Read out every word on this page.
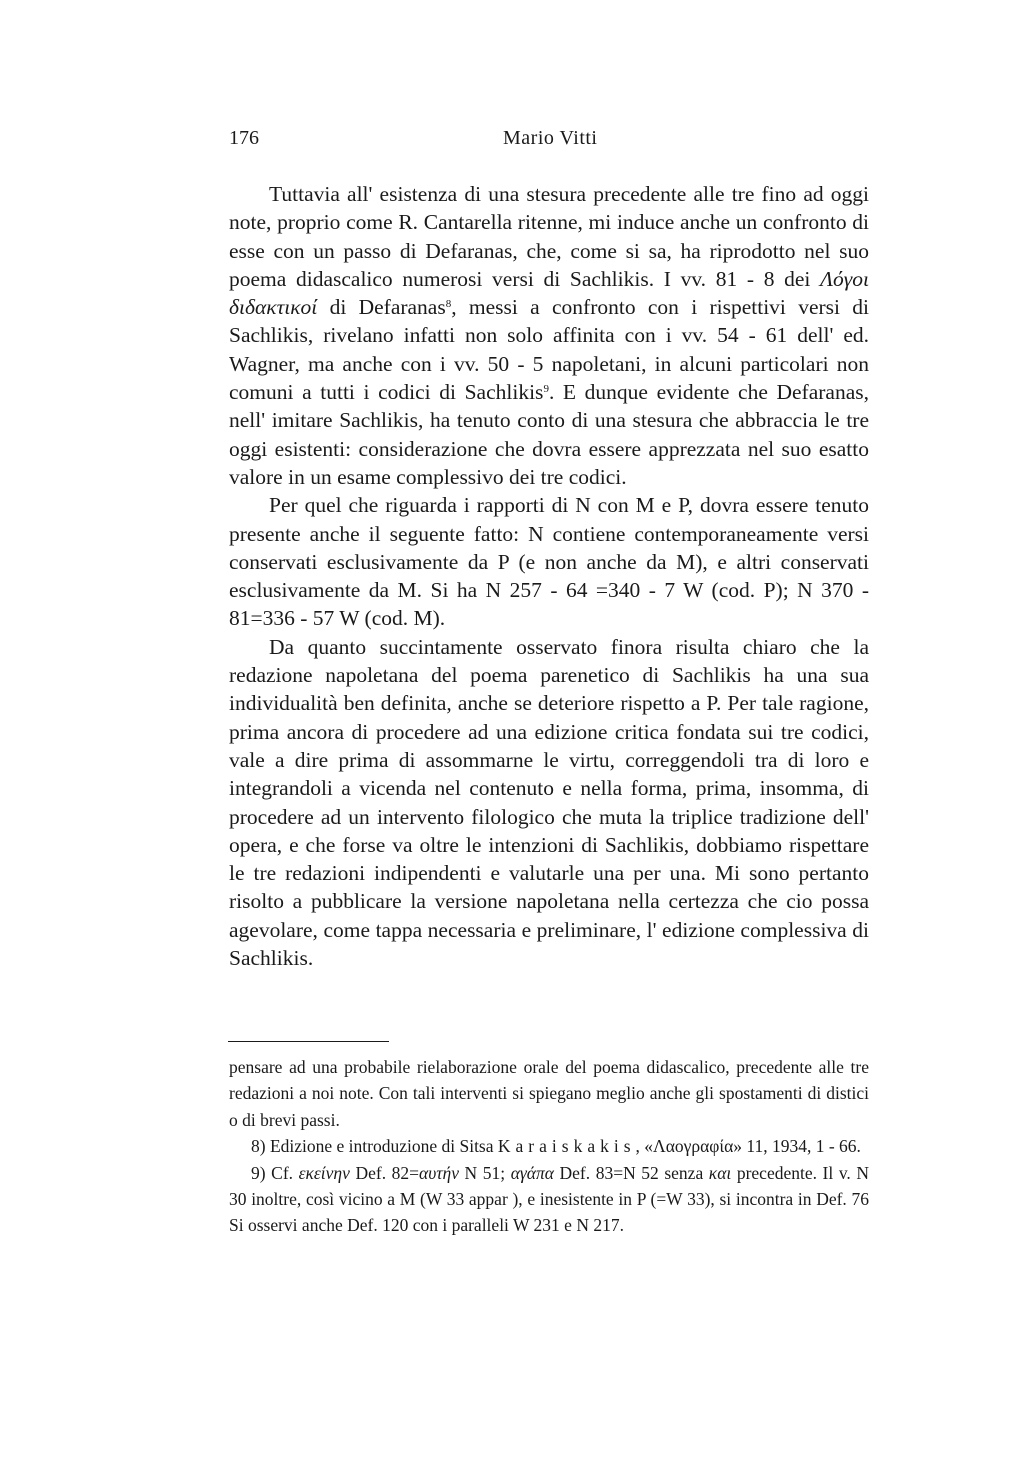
176	Mario Vitti

Tuttavia all' esistenza di una stesura precedente alle tre fino ad oggi note, proprio come R. Cantarella ritenne, mi induce anche un confronto di esse con un passo di Defaranas, che, come si sa, ha riprodotto nel suo poema didascalico numerosi versi di Sachlikis. I vv. 81 - 8 dei Λόγοι διδακτικοί di Defaranas$^8$, messi a confronto con i rispettivi versi di Sachlikis, rivelano infatti non solo affinita con i vv. 54 - 61 dell' ed. Wagner, ma anche con i vv. 50 - 5 napoletani, in alcuni particolari non comuni a tutti i codici di Sachlikis$^9$. E dunque evidente che Defaranas, nell' imitare Sachlikis, ha tenuto conto di una stesura che abbraccia le tre oggi esistenti: considerazione che dovra essere apprezzata nel suo esatto valore in un esame complessivo dei tre codici.

Per quel che riguarda i rapporti di N con M e P, dovra essere tenuto presente anche il seguente fatto: N contiene contemporaneamente versi conservati esclusivamente da P (e non anche da M), e altri conservati esclusivamente da M. Si ha N 257 - 64 =340 - 7 W (cod. P); N 370 - 81=336 - 57 W (cod. M).

Da quanto succintamente osservato finora risulta chiaro che la redazione napoletana del poema parenetico di Sachlikis ha una sua individualità ben definita, anche se deteriore rispetto a P. Per tale ragione, prima ancora di procedere ad una edizione critica fondata sui tre codici, vale a dire prima di assommarne le virtu, correggendoli tra di loro e integrandoli a vicenda nel contenuto e nella forma, prima, insomma, di procedere ad un intervento filologico che muta la triplice tradizione dell' opera, e che forse va oltre le intenzioni di Sachlikis, dobbiamo rispettare le tre redazioni indipendenti e valutarle una per una. Mi sono pertanto risolto a pubblicare la versione napoletana nella certezza che cio possa agevolare, come tappa necessaria e preliminare, l' edizione complessiva di Sachlikis.

pensare ad una probabile rielaborazione orale del poema didascalico, precedente alle tre redazioni a noi note. Con tali interventi si spiegano meglio anche gli spostamenti di distici o di brevi passi.

8) Edizione e introduzione di Sitsa Karaiskakis, «Λαογραφία» 11, 1934, 1 - 66.

9) Cf. εκείνην Def. 82=αυτήν N 51; αγάπα Def. 83=N 52 senza και precedente. Il v. N 30 inoltre, così vicino a M (W 33 appar ), e inesistente in P (=W 33), si incontra in Def. 76 Si osservi anche Def. 120 con i paralleli W 231 e N 217.
